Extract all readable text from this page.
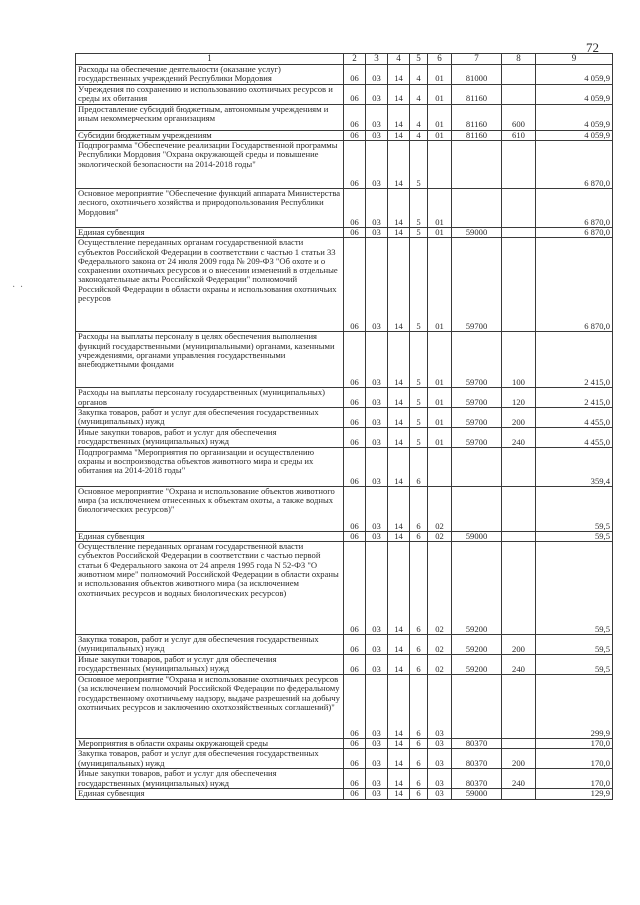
72
· ·
1	2	3	4	5	6	7	8	9
Расходы на обеспечение деятельности (оказание услуг) государственных учреждений Республики Мордовия	06	03	14	4	01	81000		4 059,9
Учреждения по сохранению и использованию охотничьих ресурсов и среды их обитания	06	03	14	4	01	81160		4 059,9
Предоставление субсидий бюджетным, автономным учреждениям и иным некоммерческим организациям	06	03	14	4	01	81160	600	4 059,9
Субсидии бюджетным учреждениям	06	03	14	4	01	81160	610	4 059,9
Подпрограмма "Обеспечение реализации Государственной программы Республики Мордовия "Охрана окружающей среды и повышение экологической безопасности на 2014-2018 годы"	06	03	14	5				6 870,0
Основное мероприятие "Обеспечение функций аппарата Министерства лесного, охотничьего хозяйства и природопользования Республики Мордовия"	06	03	14	5	01			6 870,0
Единая субвенция	06	03	14	5	01	59000		6 870,0
Осуществление переданных органам государственной власти субъектов Российской Федерации в соответствии с частью 1 статьи 33 Федерального закона от 24 июля 2009 года № 209-ФЗ "Об охоте и о сохранении охотничьих ресурсов и о внесении изменений в отдельные законодательные акты Российской Федерации" полномочий Российской Федерации в области охраны и использования охотничьих ресурсов	06	03	14	5	01	59700		6 870,0
Расходы на выплаты персоналу в целях обеспечения выполнения функций государственными (муниципальными) органами, казенными учреждениями, органами управления государственными внебюджетными фондами	06	03	14	5	01	59700	100	2 415,0
Расходы на выплаты персоналу государственных (муниципальных) органов	06	03	14	5	01	59700	120	2 415,0
Закупка товаров, работ и услуг для обеспечения государственных (муниципальных) нужд	06	03	14	5	01	59700	200	4 455,0
Иные закупки товаров, работ и услуг для обеспечения государственных (муниципальных) нужд	06	03	14	5	01	59700	240	4 455,0
Подпрограмма "Мероприятия по организации и осуществлению охраны и воспроизводства объектов животного мира и среды их обитания на 2014-2018 годы"	06	03	14	6				359,4
Основное мероприятие "Охрана и использование объектов животного мира (за исключением отнесенных к объектам охоты, а также водных биологических ресурсов)"	06	03	14	6	02			59,5
Единая субвенция	06	03	14	6	02	59000		59,5
Осуществление переданных органам государственной власти субъектов Российской Федерации в соответствии с частью первой статьи 6 Федерального закона от 24 апреля 1995 года N 52-ФЗ "О животном мире" полномочий Российской Федерации в области охраны и использования объектов животного мира (за исключением охотничьих ресурсов и водных биологических ресурсов)	06	03	14	6	02	59200		59,5
Закупка товаров, работ и услуг для обеспечения государственных (муниципальных) нужд	06	03	14	6	02	59200	200	59,5
Иные закупки товаров, работ и услуг для обеспечения государственных (муниципальных) нужд	06	03	14	6	02	59200	240	59,5
Основное мероприятие "Охрана и использование охотничьих ресурсов (за исключением полномочий Российской Федерации по федеральному государственному охотничьему надзору, выдаче разрешений на добычу охотничьих ресурсов и заключению охотхозяйственных соглашений)"	06	03	14	6	03			299,9
Мероприятия в области охраны окружающей среды	06	03	14	6	03	80370		170,0
Закупка товаров, работ и услуг для обеспечения государственных (муниципальных) нужд	06	03	14	6	03	80370	200	170,0
Иные закупки товаров, работ и услуг для обеспечения государственных (муниципальных) нужд	06	03	14	6	03	80370	240	170,0
Единая субвенция	06	03	14	6	03	59000		129,9
